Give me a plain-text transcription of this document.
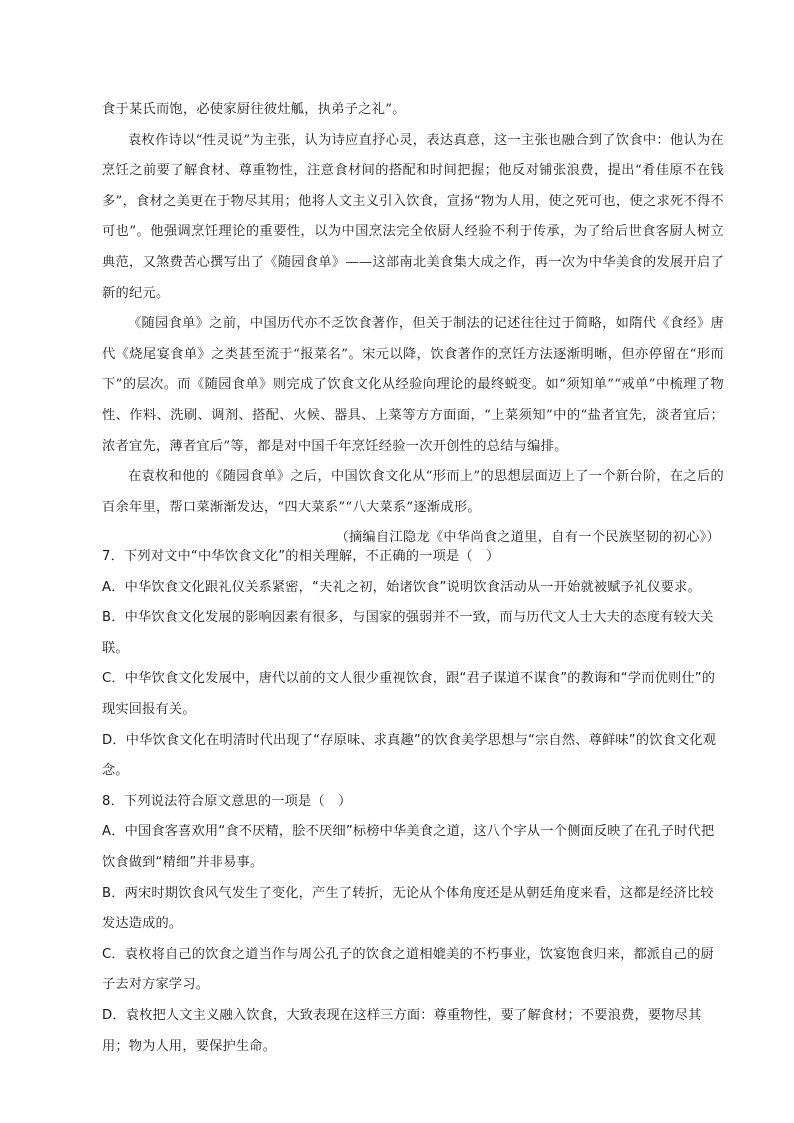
食于某氏而饱，必使家厨往彼灶觚，执弟子之礼”。

袁枚作诗以“性灵说”为主张，认为诗应直抒心灵，表达真意，这一主张也融合到了饮食中：他认为在烹饪之前要了解食材、尊重物性，注意食材间的搭配和时间把握；他反对铺张浪费，提出“肴佳原不在钱多”，食材之美更在于物尽其用；他将人文主义引入饮食，宣扬“物为人用，使之死可也，使之求死不得不可也”。他强调烹饪理论的重要性，以为中国烹法完全依厨人经验不利于传承，为了给后世食客厨人树立典范，又煞费苦心撰写出了《随园食单》——这部南北美食集大成之作，再一次为中华美食的发展开启了新的纪元。

《随园食单》之前，中国历代亦不乏饮食著作，但关于制法的记述往往过于简略，如隋代《食经》唐代《烧尾宴食单》之类甚至流于“报菜名”。宋元以降，饮食著作的烹饪方法逐渐明晰，但亦停留在“形而下”的层次。而《随园食单》则完成了饮食文化从经验向理论的最终蜕变。如“须知单”“戒单”中梳理了物性、作料、洗刷、调剂、搭配、火候、器具、上菜等方方面面，“上菜须知”中的“盐者宜先，淡者宜后；浓者宜先，薄者宜后”等，都是对中国千年烹饪经验一次开创性的总结与编排。

在袁枚和他的《随园食单》之后，中国饮食文化从“形而上”的思想层面迈上了一个新台阶，在之后的百余年里，帮口菜渐渐发达，“四大菜系”“八大菜系”逐渐成形。

（摘编自江隐龙《中华尚食之道里，自有一个民族坚韧的初心》）

7．下列对文中“中华饮食文化”的相关理解，不正确的一项是（　）

A．中华饮食文化跟礼仪关系紧密，“夫礼之初，始诸饮食”说明饮食活动从一开始就被赋予礼仪要求。

B．中华饮食文化发展的影响因素有很多，与国家的强弱并不一致，而与历代文人士大夫的态度有较大关联。

C．中华饮食文化发展中，唐代以前的文人很少重视饮食，跟“君子谋道不谋食”的教诲和“学而优则仕”的现实回报有关。

D．中华饮食文化在明清时代出现了“存原味、求真趣”的饮食美学思想与“宗自然、尊鲜味”的饮食文化观念。

8．下列说法符合原文意思的一项是（　）

A．中国食客喜欢用“食不厌精，脍不厌细”标榜中华美食之道，这八个字从一个侧面反映了在孔子时代把饮食做到“精细”并非易事。

B．两宋时期饮食风气发生了变化，产生了转折，无论从个体角度还是从朝廷角度来看，这都是经济比较发达造成的。

C．袁枚将自己的饮食之道当作与周公孔子的饮食之道相媲美的不朽事业，饮宴饱食归来，都派自己的厨子去对方家学习。

D．袁枚把人文主义融入饮食，大致表现在这样三方面：尊重物性，要了解食材；不要浪费，要物尽其用；物为人用，要保护生命。
